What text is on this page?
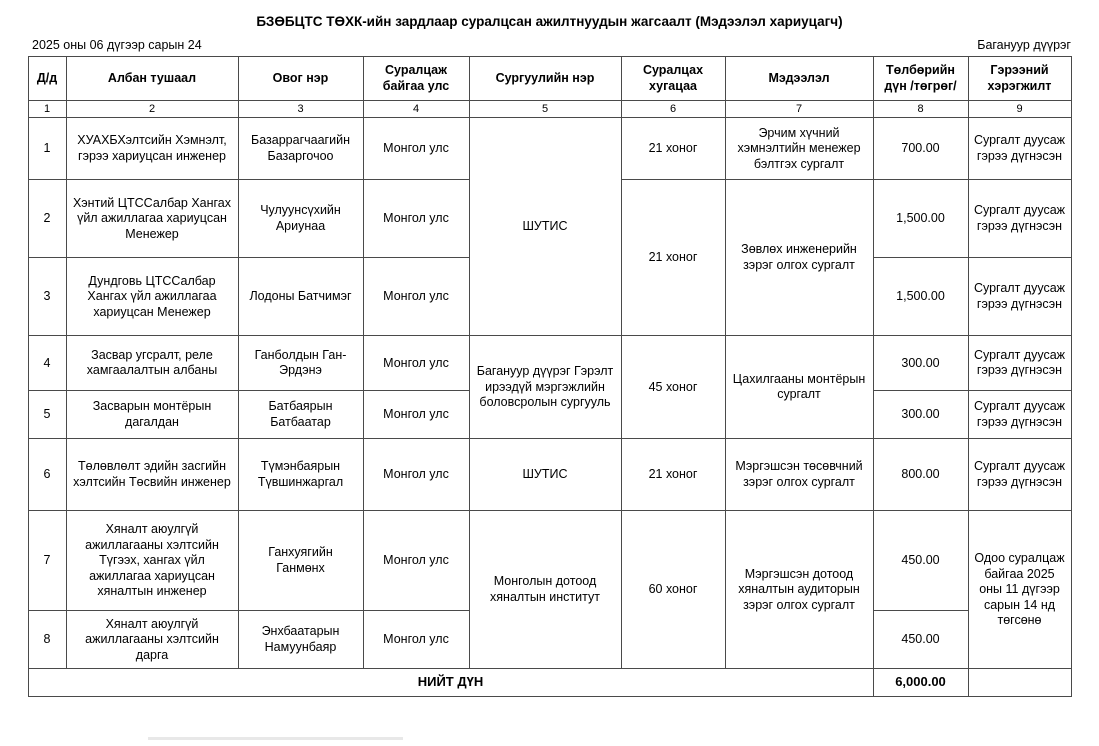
БЗӨБЦТС ТӨХК-ийн зардлаар суралцсан ажилтнуудын жагсаалт (Мэдээлэл хариуцагч)
2025 оны 06 дүгээр сарын 24	Багануур дүүрэг
Д/д	Албан тушаал	Овог нэр	Суралцаж байгаа улс	Сургуулийн нэр	Суралцах хугацаа	Мэдээлэл	Төлбөрийн дүн /төгрөг/	Гэрээний хэрэгжилт
1	2	3	4	5	6	7	8	9
1	ХУАХБХэлтсийн Хэмнэлт, гэрээ хариуцсан инженер	Базаррагчаагийн Базаргочоо	Монгол улс	ШУТИС	21 хоног	Эрчим хүчний хэмнэлтийн менежер бэлтгэх сургалт	700.00	Сургалт дуусаж гэрээ дүгнэсэн
2	Хэнтий ЦТССалбар Хангах үйл ажиллагаа хариуцсан Менежер	Чулуунсүхийн Ариунаа	Монгол улс		21 хоног	Зөвлөх инженерийн зэрэг олгох сургалт	1,500.00	Сургалт дуусаж гэрээ дүгнэсэн
3	Дундговь ЦТССалбар Хангах үйл ажиллагаа хариуцсан Менежер	Лодоны Батчимэг	Монгол улс				1,500.00	Сургалт дуусаж гэрээ дүгнэсэн
4	Засвар угсралт, реле хамгаалалтын албаны	Ганболдын Ган-Эрдэнэ	Монгол улс	Багануур дүүрэг Гэрэлт ирээдүй мэргэжлийн боловсролын сургууль	45 хоног	Цахилгааны монтёрын сургалт	300.00	Сургалт дуусаж гэрээ дүгнэсэн
5	Засварын монтёрын дагалдан	Батбаярын Батбаатар	Монгол улс				300.00	Сургалт дуусаж гэрээ дүгнэсэн
6	Төлөвлөлт эдийн засгийн хэлтсийн Төсвийн инженер	Түмэнбаярын Түвшинжаргал	Монгол улс	ШУТИС	21 хоног	Мэргэшсэн төсөвчний зэрэг олгох сургалт	800.00	Сургалт дуусаж гэрээ дүгнэсэн
7	Хяналт аюулгүй ажиллагааны хэлтсийн Түгээх, хангах үйл ажиллагаа хариуцсан хяналтын инженер	Ганхуягийн Ганмөнх	Монгол улс	Монголын дотоод хяналтын институт	60 хоног	Мэргэшсэн дотоод хяналтын аудиторын зэрэг олгох сургалт	450.00	Одоо суралцаж байгаа 2025 оны 11 дүгээр сарын 14 нд төгсөнө
8	Хяналт аюулгүй ажиллагааны хэлтсийн дарга	Энхбаатарын Намуунбаяр	Монгол улс				450.00	
НИЙТ ДҮН							6,000.00	
